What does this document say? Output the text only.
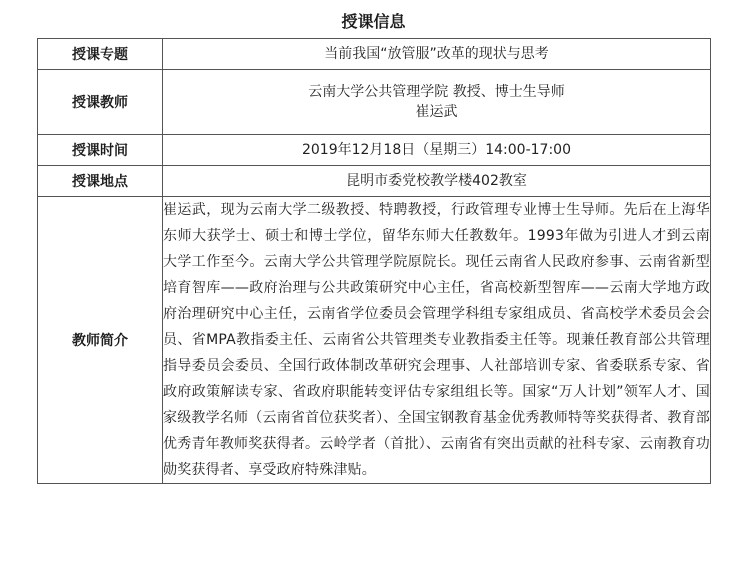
授课信息
授课专题	当前我国“放管服”改革的现状与思考
授课教师	云南大学公共管理学院 教授、博士生导师
崔运武

授课时间	2019年12月18日（星期三）14:00-17:00
授课地点	昆明市委党校教学楼402教室
教师简介	崔运武，现为云南大学二级教授、特聘教授，行政管理专业博士生导师。先后在上海华东师大获学士、硕士和博士学位，留华东师大任教数年。1993年做为引进人才到云南大学工作至今。云南大学公共管理学院原院长。现任云南省人民政府参事、云南省新型培育智库——政府治理与公共政策研究中心主任，省高校新型智库——云南大学地方政府治理研究中心主任，云南省学位委员会管理学科组专家组成员、省高校学术委员会会员、省MPA教指委主任、云南省公共管理类专业教指委主任等。现兼任教育部公共管理指导委员会委员、全国行政体制改革研究会理事、人社部培训专家、省委联系专家、省政府政策解读专家、省政府职能转变评估专家组组长等。国家“万人计划”领军人才、国家级教学名师（云南省首位获奖者）、全国宝钢教育基金优秀教师特等奖获得者、教育部优秀青年教师奖获得者。云岭学者（首批）、云南省有突出贡献的社科专家、云南教育功勋奖获得者、享受政府特殊津贴。
